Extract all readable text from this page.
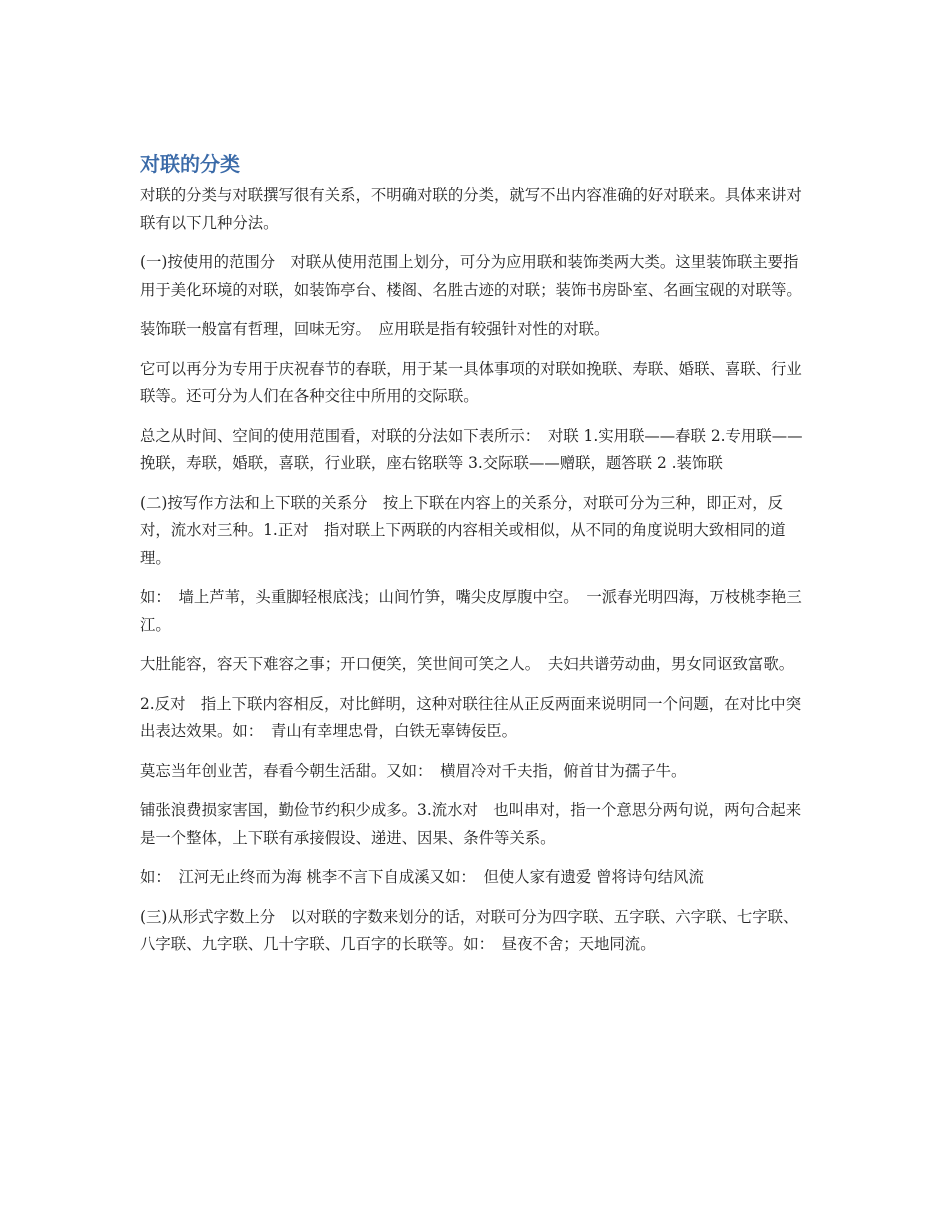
对联的分类

对联的分类与对联撰写很有关系，不明确对联的分类，就写不出内容准确的好对联来。具体来讲对联有以下几种分法。

(一)按使用的范围分　对联从使用范围上划分，可分为应用联和装饰类两大类。这里装饰联主要指用于美化环境的对联，如装饰亭台、楼阁、名胜古迹的对联；装饰书房卧室、名画宝砚的对联等。

装饰联一般富有哲理，回味无穷。　应用联是指有较强针对性的对联。

它可以再分为专用于庆祝春节的春联，用于某一具体事项的对联如挽联、寿联、婚联、喜联、行业联等。还可分为人们在各种交往中所用的交际联。

总之从时间、空间的使用范围看，对联的分法如下表所示：　对联 1.实用联——春联 2.专用联——挽联，寿联，婚联，喜联，行业联，座右铭联等 3.交际联——赠联，题答联 2 .装饰联

(二)按写作方法和上下联的关系分　按上下联在内容上的关系分，对联可分为三种，即正对，反对，流水对三种。1.正对　指对联上下两联的内容相关或相似，从不同的角度说明大致相同的道理。

如：　墙上芦苇，头重脚轻根底浅；山间竹笋，嘴尖皮厚腹中空。　一派春光明四海，万枝桃李艳三江。

大肚能容，容天下难容之事；开口便笑，笑世间可笑之人。　夫妇共谱劳动曲，男女同讴致富歌。

2.反对　指上下联内容相反，对比鲜明，这种对联往往从正反两面来说明同一个问题，在对比中突出表达效果。如：　青山有幸埋忠骨，白铁无辜铸佞臣。

莫忘当年创业苦，春看今朝生活甜。又如：　横眉冷对千夫指，俯首甘为孺子牛。

铺张浪费损家害国，勤俭节约积少成多。3.流水对　也叫串对，指一个意思分两句说，两句合起来是一个整体，上下联有承接假设、递进、因果、条件等关系。

如：　江河无止终而为海 桃李不言下自成溪又如：　但使人家有遗爱 曾将诗句结风流

(三)从形式字数上分　以对联的字数来划分的话，对联可分为四字联、五字联、六字联、七字联、八字联、九字联、几十字联、几百字的长联等。如：　昼夜不舍；天地同流。
